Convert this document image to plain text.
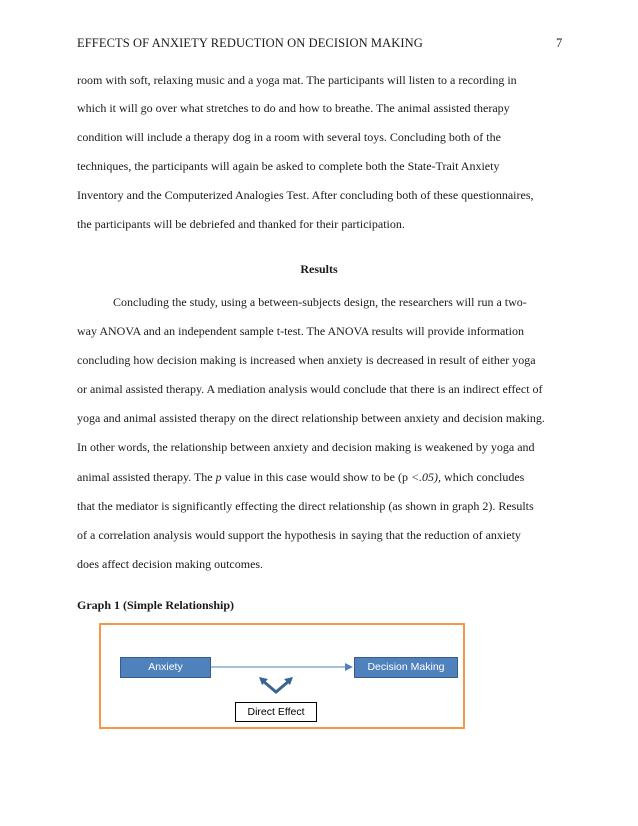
EFFECTS OF ANXIETY REDUCTION ON DECISION MAKING	7
room with soft, relaxing music and a yoga mat. The participants will listen to a recording in
which it will go over what stretches to do and how to breathe. The animal assisted therapy
condition will include a therapy dog in a room with several toys. Concluding both of the
techniques, the participants will again be asked to complete both the State-Trait Anxiety
Inventory and the Computerized Analogies Test. After concluding both of these questionnaires,
the participants will be debriefed and thanked for their participation.
Results
Concluding the study, using a between-subjects design, the researchers will run a two-
way ANOVA and an independent sample t-test. The ANOVA results will provide information
concluding how decision making is increased when anxiety is decreased in result of either yoga
or animal assisted therapy. A mediation analysis would conclude that there is an indirect effect of
yoga and animal assisted therapy on the direct relationship between anxiety and decision making.
In other words, the relationship between anxiety and decision making is weakened by yoga and
animal assisted therapy. The p value in this case would show to be (p <.05), which concludes
that the mediator is significantly effecting the direct relationship (as shown in graph 2). Results
of a correlation analysis would support the hypothesis in saying that the reduction of anxiety
does affect decision making outcomes.
Graph 1 (Simple Relationship)
Anxiety	Decision Making
Direct Effect
